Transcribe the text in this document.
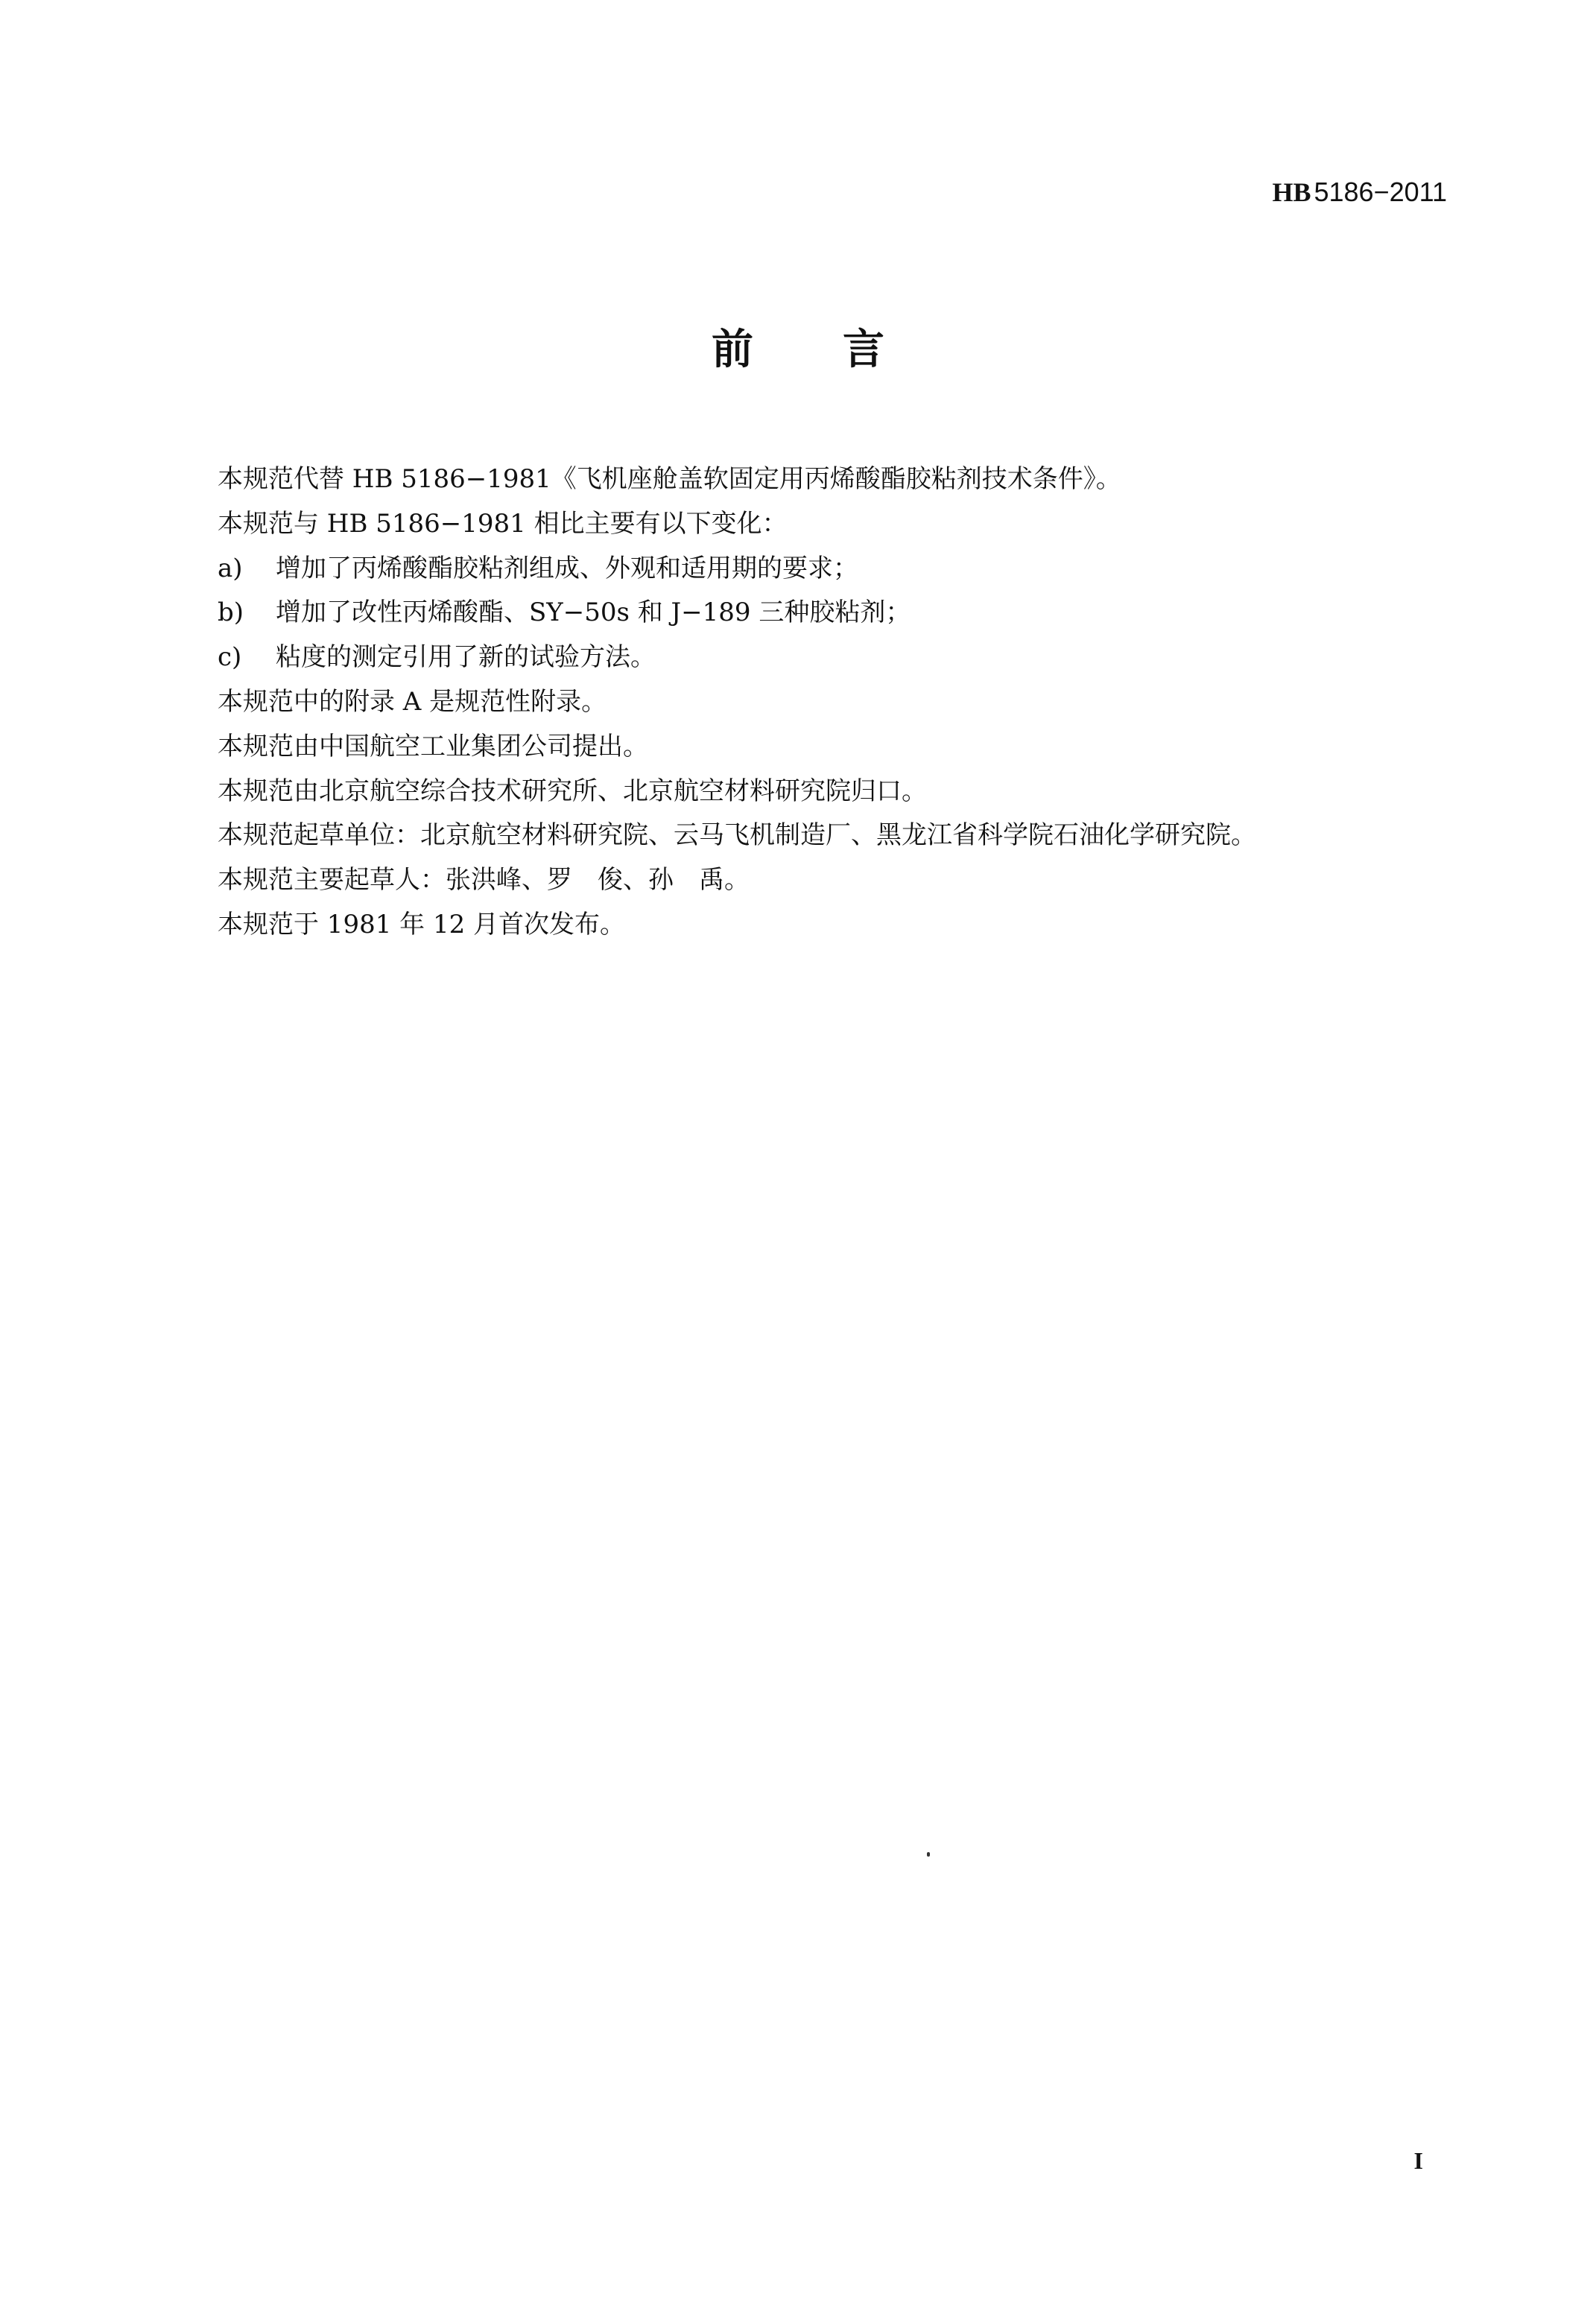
HB 5186−2011
前言

本规范代替 HB 5186−1981《飞机座舱盖软固定用丙烯酸酯胶粘剂技术条件》。

本规范与 HB 5186−1981 相比主要有以下变化：

a) 增加了丙烯酸酯胶粘剂组成、外观和适用期的要求；

b) 增加了改性丙烯酸酯、SY−50s 和 J−189 三种胶粘剂；

c) 粘度的测定引用了新的试验方法。

本规范中的附录 A 是规范性附录。

本规范由中国航空工业集团公司提出。

本规范由北京航空综合技术研究所、北京航空材料研究院归口。

本规范起草单位：北京航空材料研究院、云马飞机制造厂、黑龙江省科学院石油化学研究院。

本规范主要起草人：张洪峰、罗　俊、孙　禹。

本规范于 1981 年 12 月首次发布。

I
